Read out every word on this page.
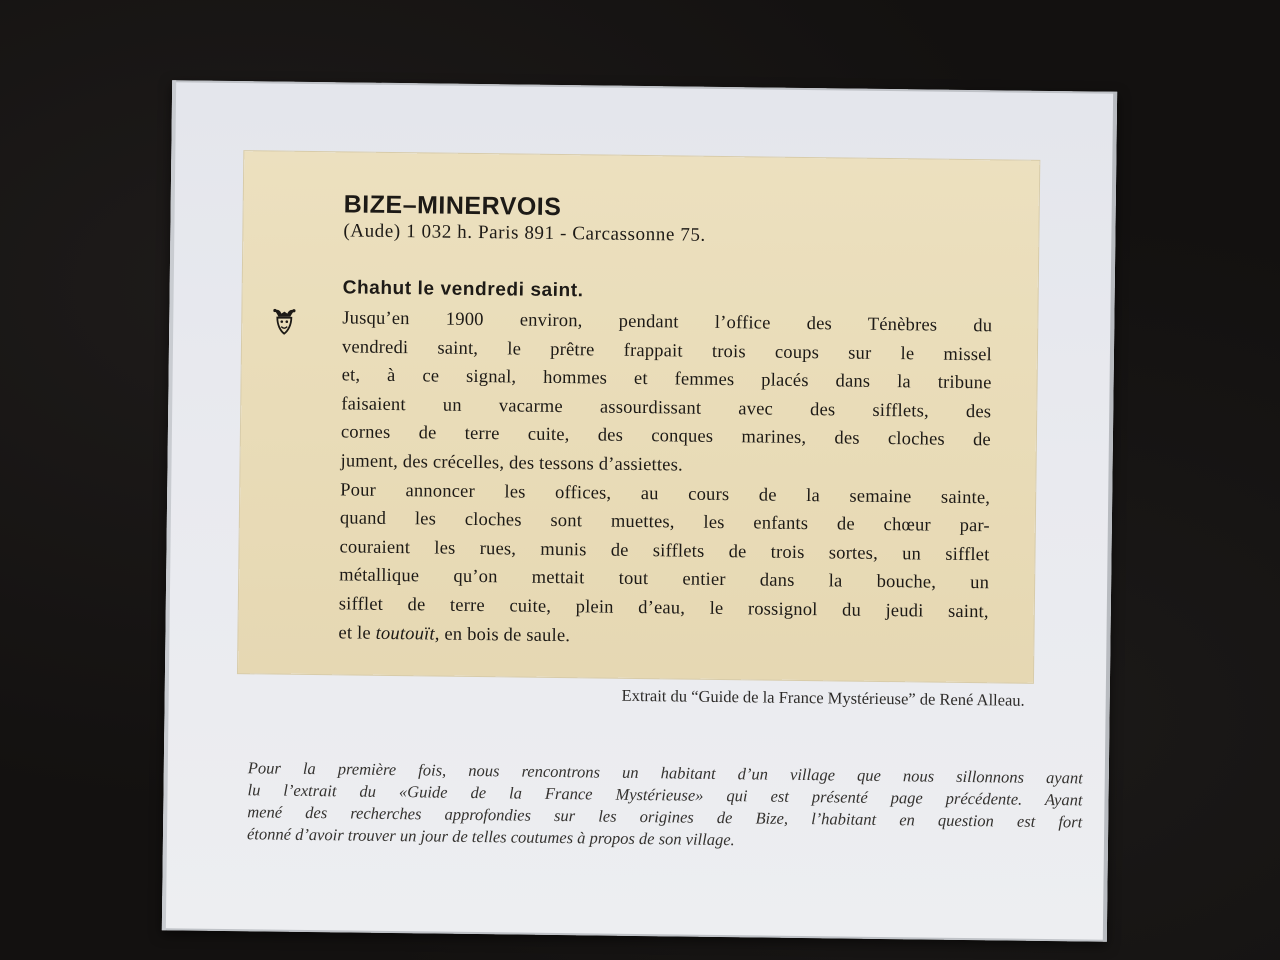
BIZE–MINERVOIS

(Aude) 1 032 h. Paris 891 - Carcassonne 75.

Chahut le vendredi saint.
Jusqu’en 1900 environ, pendant l’office des Ténèbres du
vendredi saint, le prêtre frappait trois coups sur le missel
et, à ce signal, hommes et femmes placés dans la tribune
faisaient un vacarme assourdissant avec des sifflets, des
cornes de terre cuite, des conques marines, des cloches de
jument, des crécelles, des tessons d’assiettes.
Pour annoncer les offices, au cours de la semaine sainte,
quand les cloches sont muettes, les enfants de chœur par-
couraient les rues, munis de sifflets de trois sortes, un sifflet
métallique qu’on mettait tout entier dans la bouche, un
sifflet de terre cuite, plein d’eau, le rossignol du jeudi saint,
et le toutouït, en bois de saule.

Extrait du “Guide de la France Mystérieuse” de René Alleau.

Pour la première fois, nous rencontrons un habitant d’un village que nous sillonnons ayant
lu l’extrait du «Guide de la France Mystérieuse» qui est présenté page précédente. Ayant
mené des recherches approfondies sur les origines de Bize, l’habitant en question est fort
étonné d’avoir trouver un jour de telles coutumes à propos de son village.
